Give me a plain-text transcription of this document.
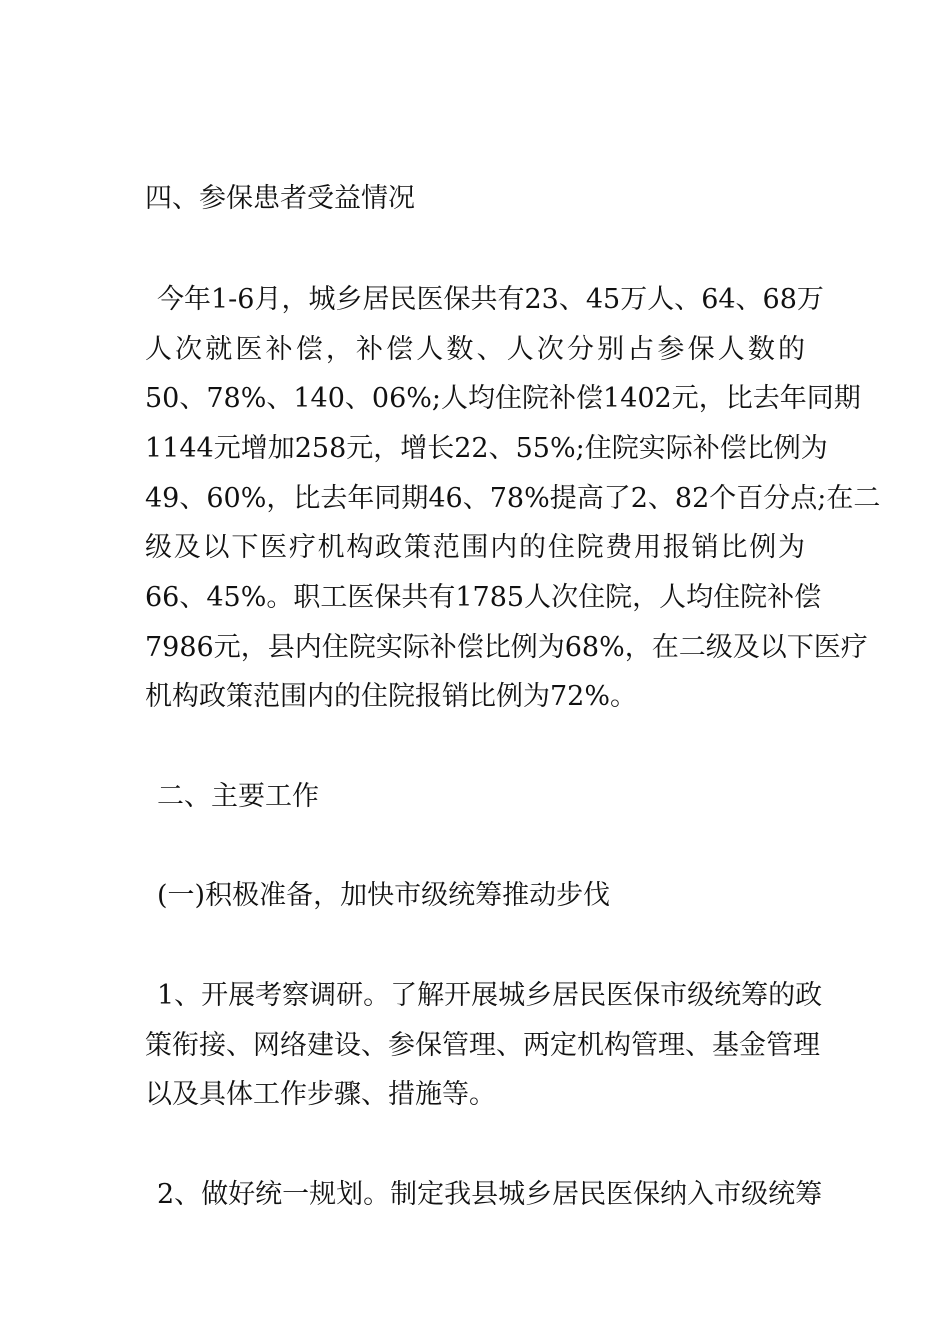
四、参保患者受益情况
今年1-6月，城乡居民医保共有23、45万人、64、68万
人次就医补偿，补偿人数、人次分别占参保人数的
50、78%、140、06%;人均住院补偿1402元，比去年同期
1144元增加258元，增长22、55%;住院实际补偿比例为
49、60%，比去年同期46、78%提高了2、82个百分点;在二
级及以下医疗机构政策范围内的住院费用报销比例为
66、45%。职工医保共有1785人次住院，人均住院补偿
7986元，县内住院实际补偿比例为68%，在二级及以下医疗
机构政策范围内的住院报销比例为72%。
二、主要工作
(一)积极准备，加快市级统筹推动步伐
1、开展考察调研。了解开展城乡居民医保市级统筹的政
策衔接、网络建设、参保管理、两定机构管理、基金管理
以及具体工作步骤、措施等。
2、做好统一规划。制定我县城乡居民医保纳入市级统筹
